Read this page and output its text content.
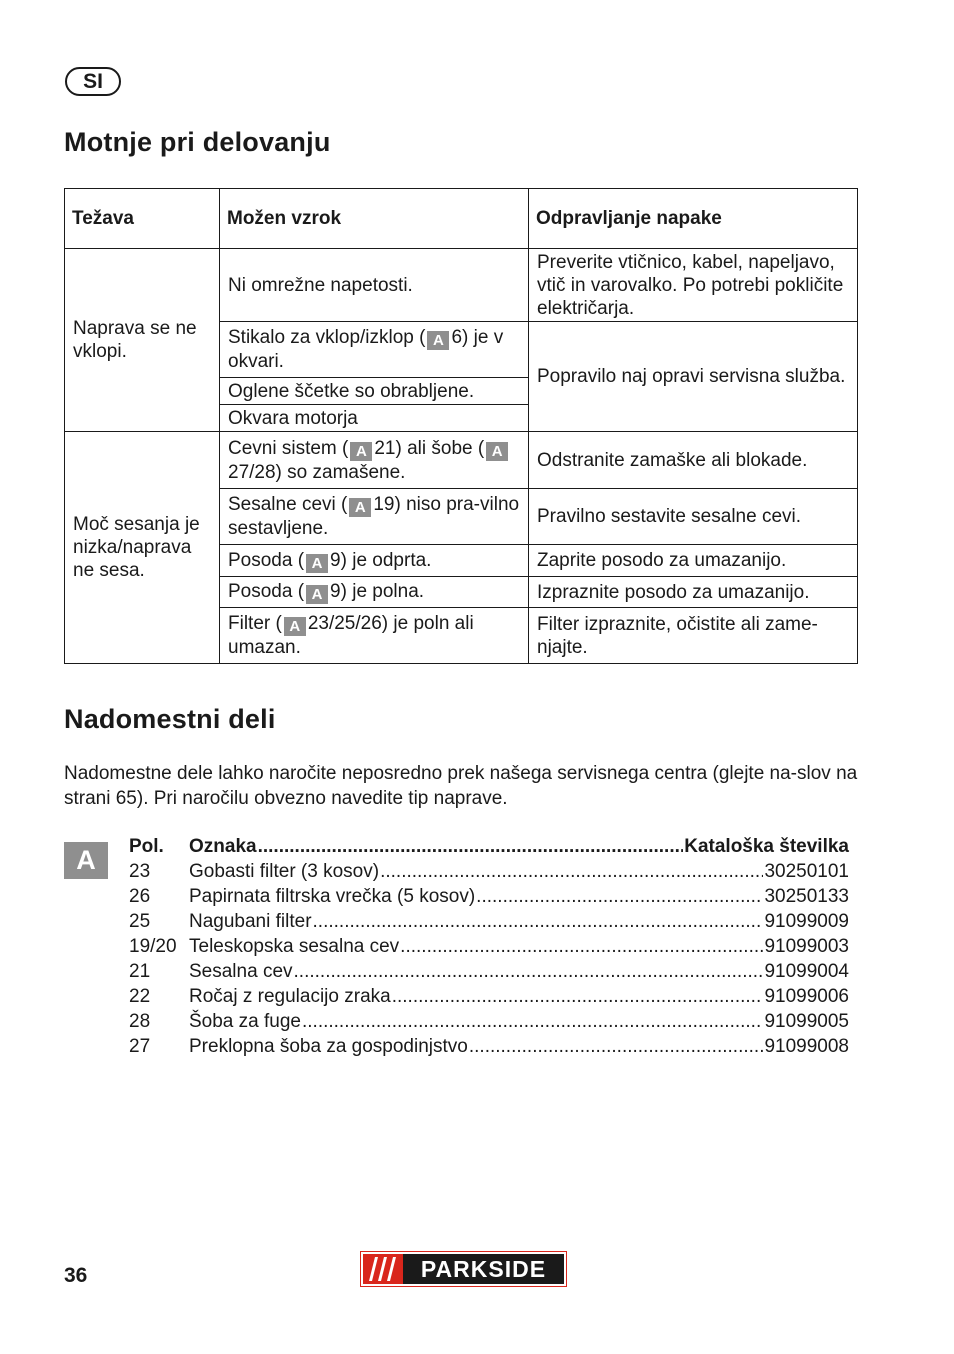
SI
Motnje pri delovanju
Težava	Možen vzrok	Odpravljanje napake
Naprava se ne vklopi.	Ni omrežne napetosti.	Preverite vtičnico, kabel, napeljavo, vtič in varovalko. Po potrebi pokličite električarja.
	Stikalo za vklop/izklop ( A 6) je v okvari.	Popravilo naj opravi servisna služba.
	Oglene ščetke so obrabljene.	
	Okvara motorja	
Moč sesanja je nizka/naprava ne sesa.	Cevni sistem ( A 21) ali šobe ( A27/28) so zamašene.	Odstranite zamaške ali blokade.
	Sesalne cevi ( A 19) niso pra-vilno sestavljene.	Pravilno sestavite sesalne cevi.
	Posoda ( A 9) je odprta.	Zaprite posodo za umazanijo.
	Posoda ( A 9) je polna.	Izpraznite posodo za umazanijo.
	Filter ( A 23/25/26) je poln ali umazan.	Filter izpraznite, očistite ali zame-njajte.
Nadomestni deli

Nadomestne dele lahko naročite neposredno prek našega servisnega centra (glejte na-slov na strani 65). Pri naročilu obvezno navedite tip naprave.

A	Pol.	Oznaka .....	Kataloška številka
23	Gobasti filter (3 kosov) .....	30250101
26	Papirnata filtrska vrečka (5 kosov) .....	30250133
25	Nagubani filter .....	91099009
19/20 Teleskopska sesalna cev .....	91099003
21	Sesalna cev .....	91099004
22	Ročaj z regulacijo zraka .....	91099006
28	Šoba za fuge .....	91099005
27	Preklopna šoba za gospodinjstvo .....	91099008
36	PARKSIDE
